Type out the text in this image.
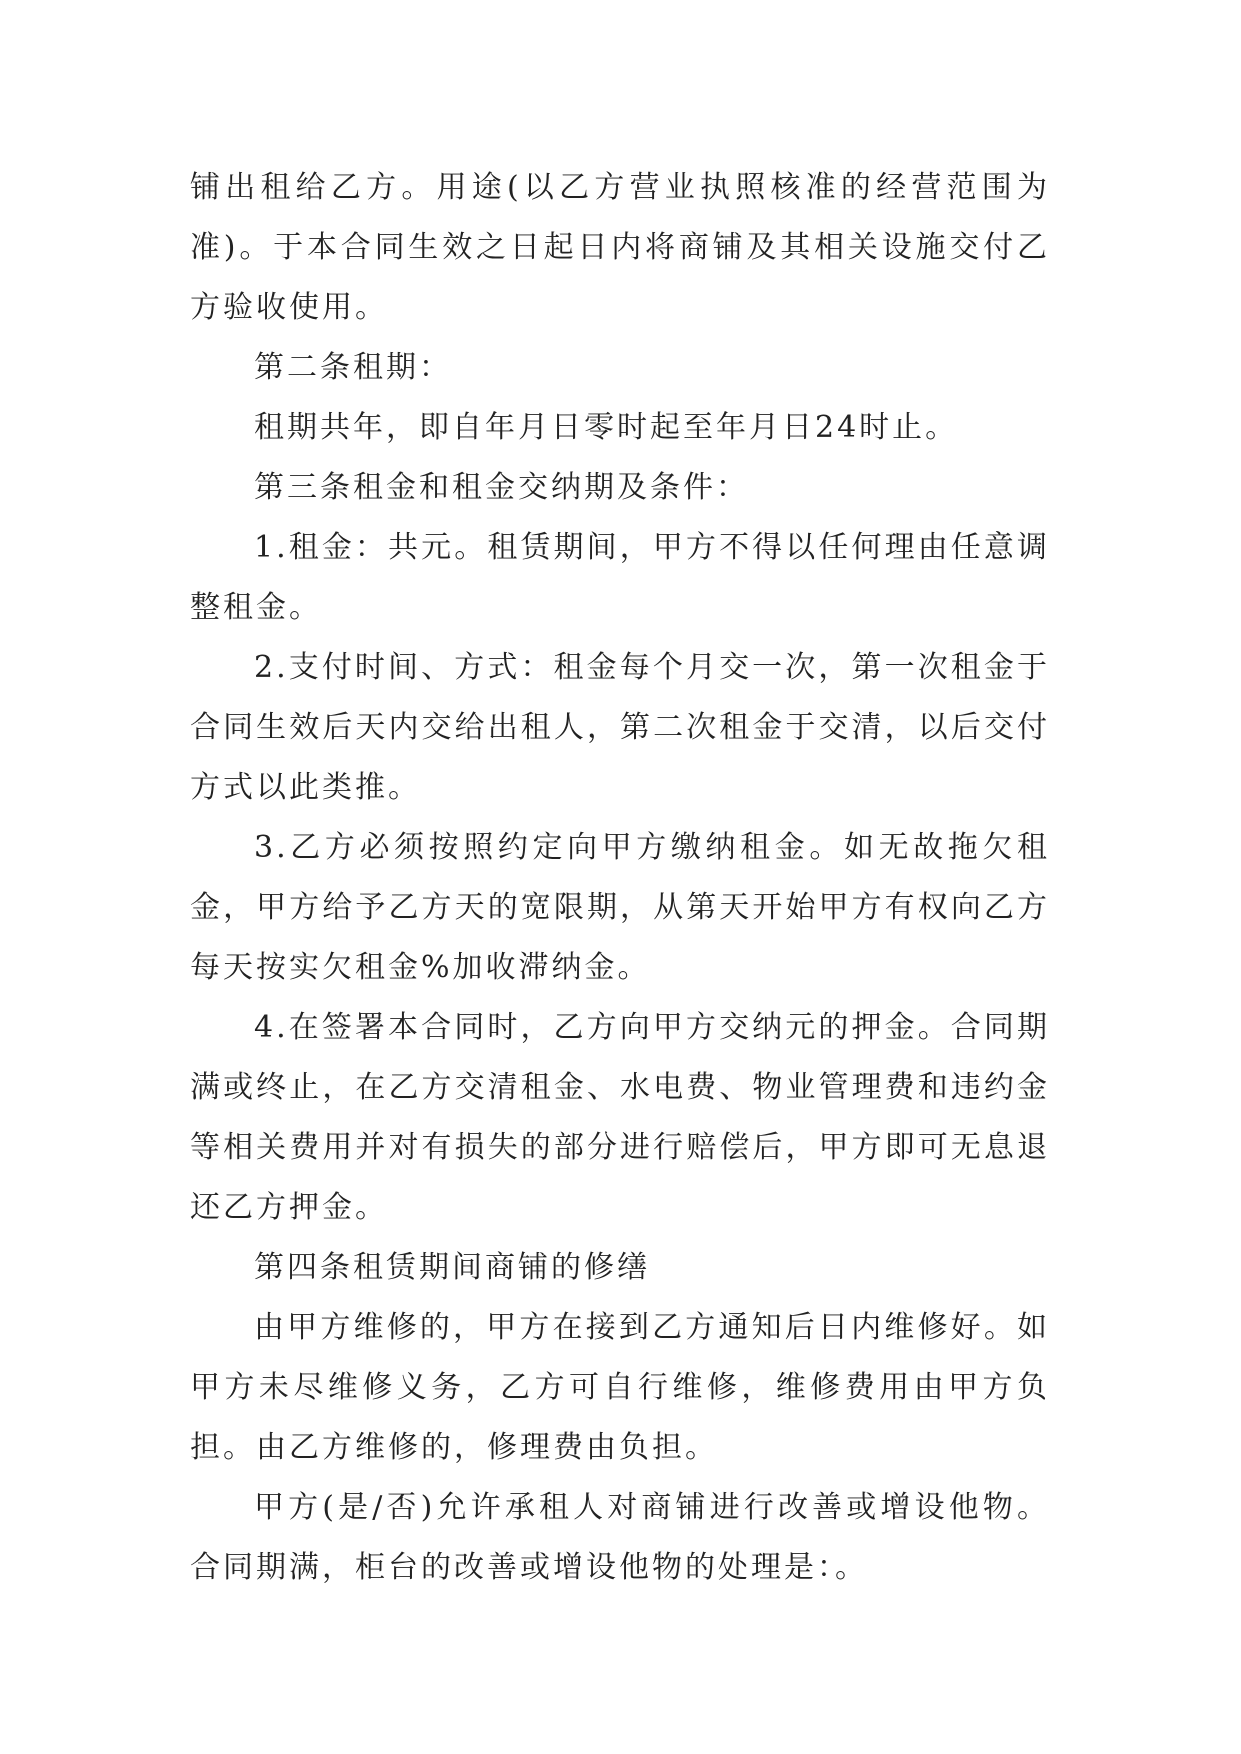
铺出租给乙方。用途(以乙方营业执照核准的经营范围为准)。于本合同生效之日起日内将商铺及其相关设施交付乙方验收使用。

第二条租期：

租期共年，即自年月日零时起至年月日24时止。

第三条租金和租金交纳期及条件：

1.租金：共元。租赁期间，甲方不得以任何理由任意调整租金。

2.支付时间、方式：租金每个月交一次，第一次租金于合同生效后天内交给出租人，第二次租金于交清，以后交付方式以此类推。

3.乙方必须按照约定向甲方缴纳租金。如无故拖欠租金，甲方给予乙方天的宽限期，从第天开始甲方有权向乙方每天按实欠租金%加收滞纳金。

4.在签署本合同时，乙方向甲方交纳元的押金。合同期满或终止，在乙方交清租金、水电费、物业管理费和违约金等相关费用并对有损失的部分进行赔偿后，甲方即可无息退还乙方押金。

第四条租赁期间商铺的修缮

由甲方维修的，甲方在接到乙方通知后日内维修好。如甲方未尽维修义务，乙方可自行维修，维修费用由甲方负担。由乙方维修的，修理费由负担。

甲方(是/否)允许承租人对商铺进行改善或增设他物。合同期满，柜台的改善或增设他物的处理是：。
